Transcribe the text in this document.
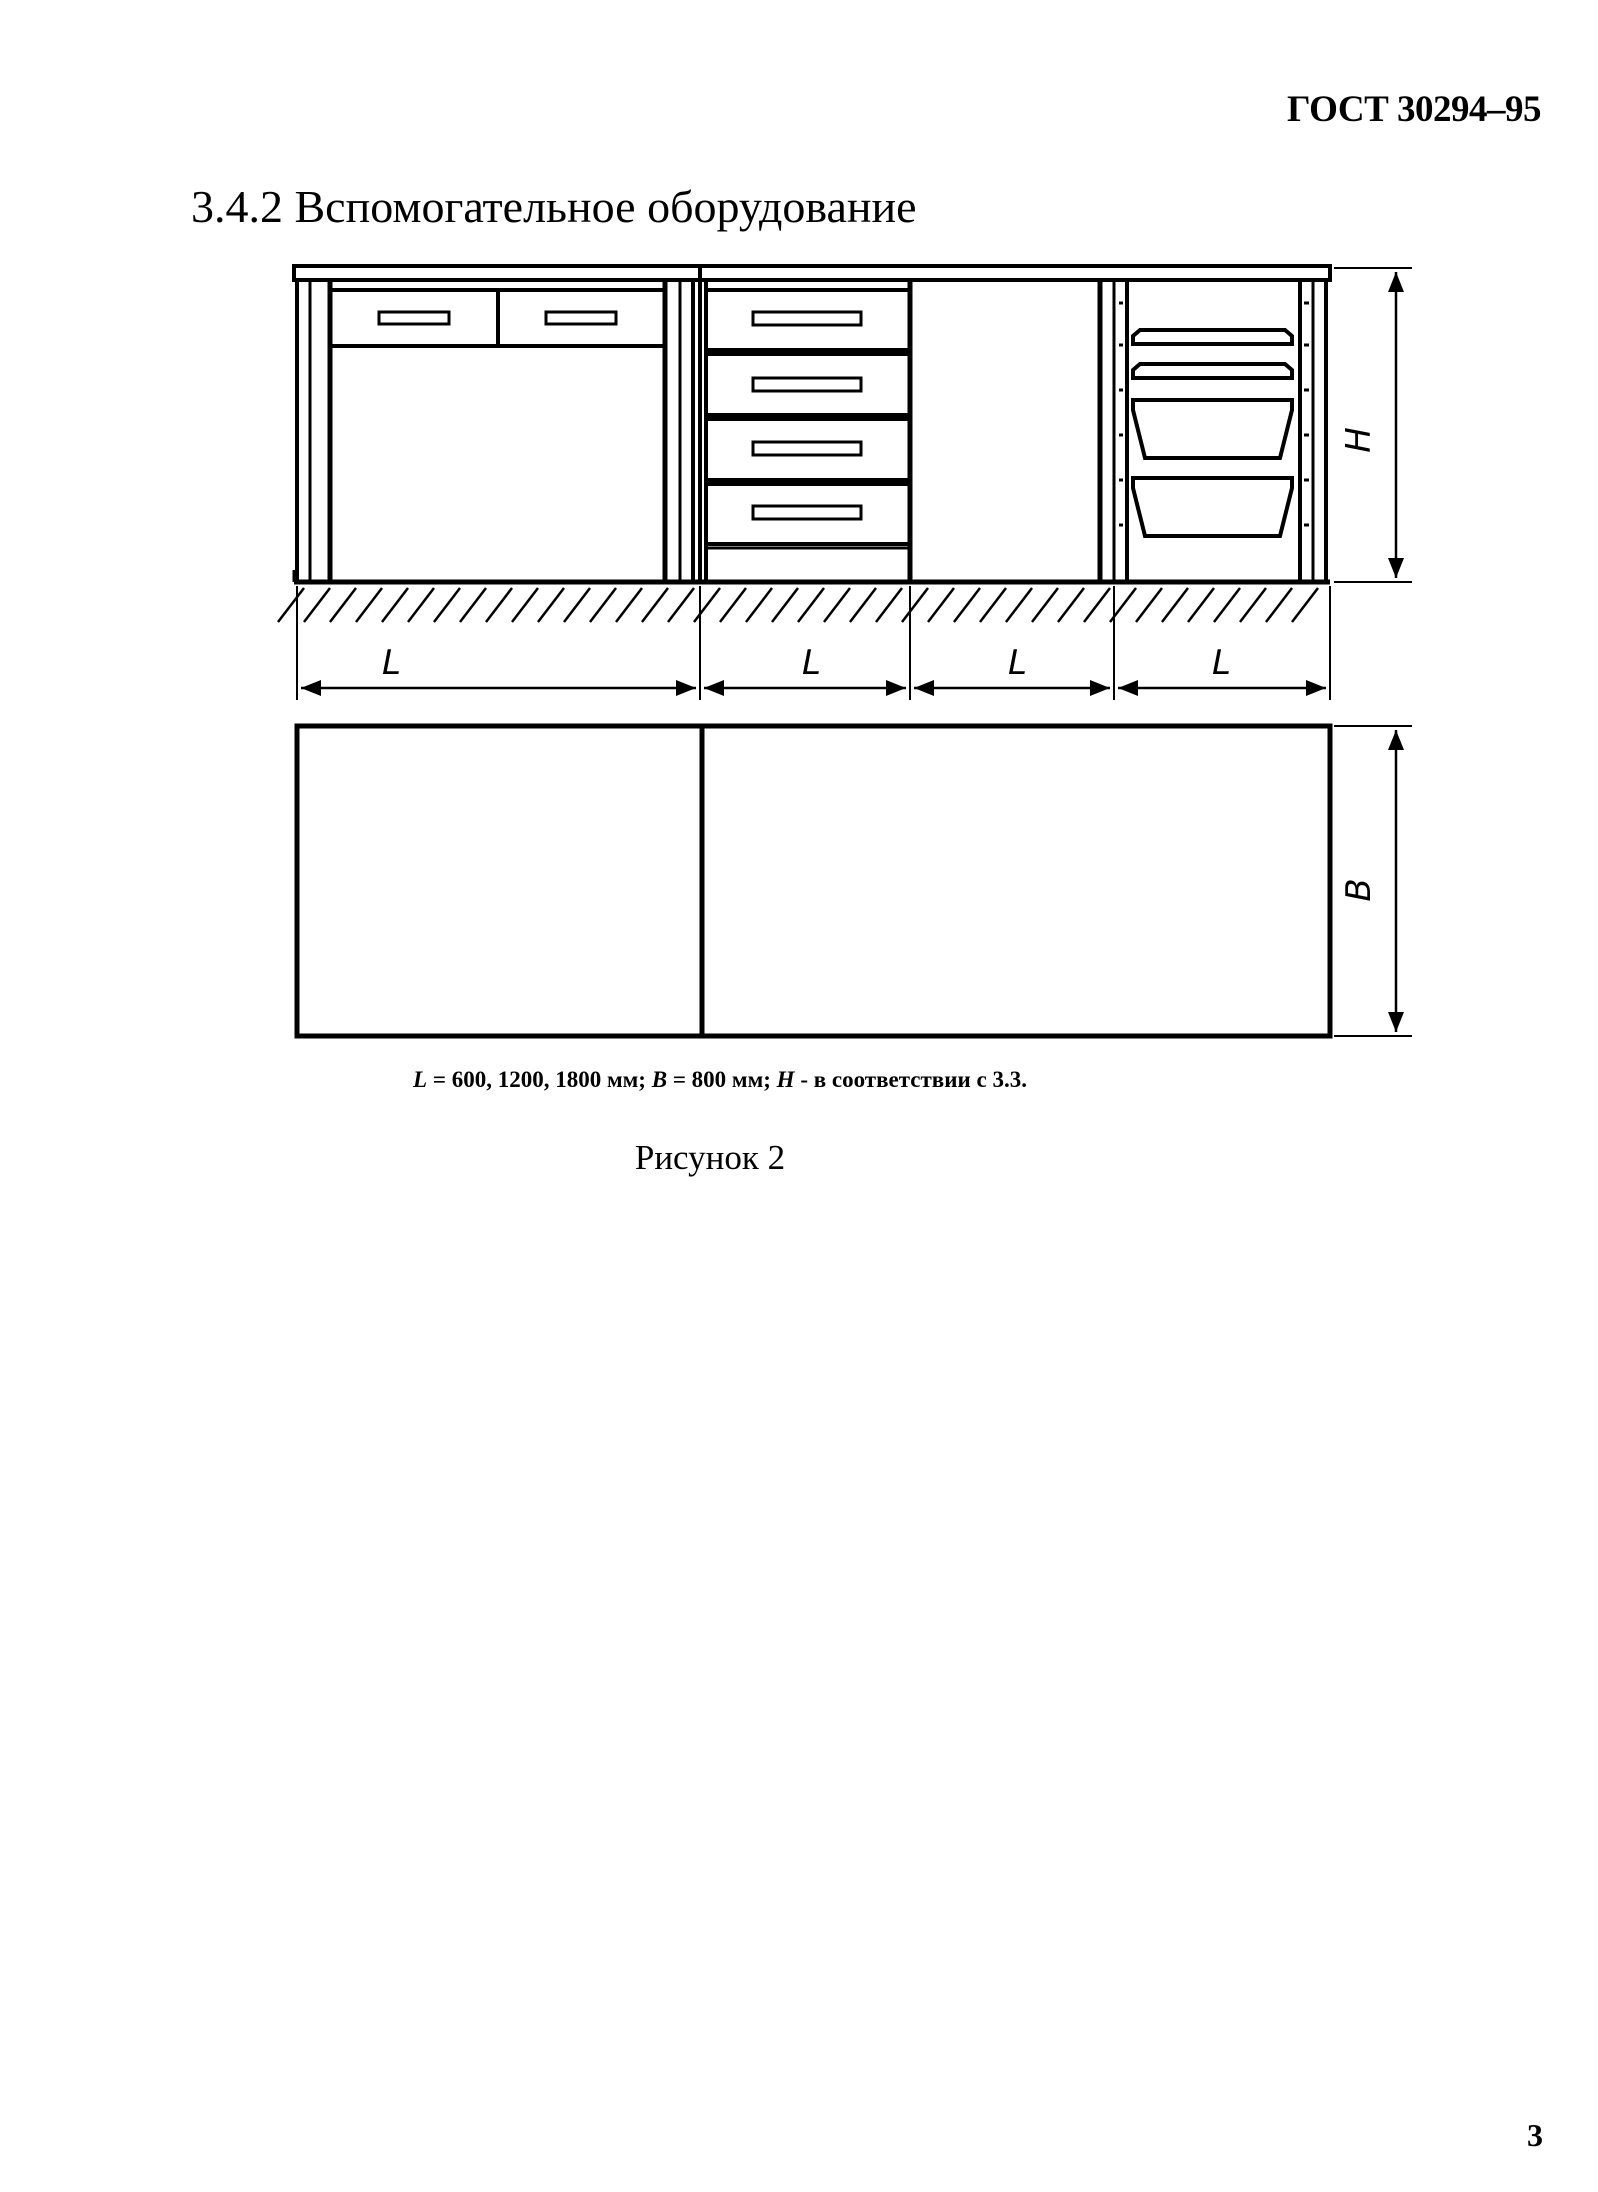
ГОСТ 30294–95
3.4.2 Вспомогательное оборудование
H
L	L	L	L
B
L = 600, 1200, 1800 мм; B = 800 мм; H - в соответствии с 3.3.
Рисунок 2
3
